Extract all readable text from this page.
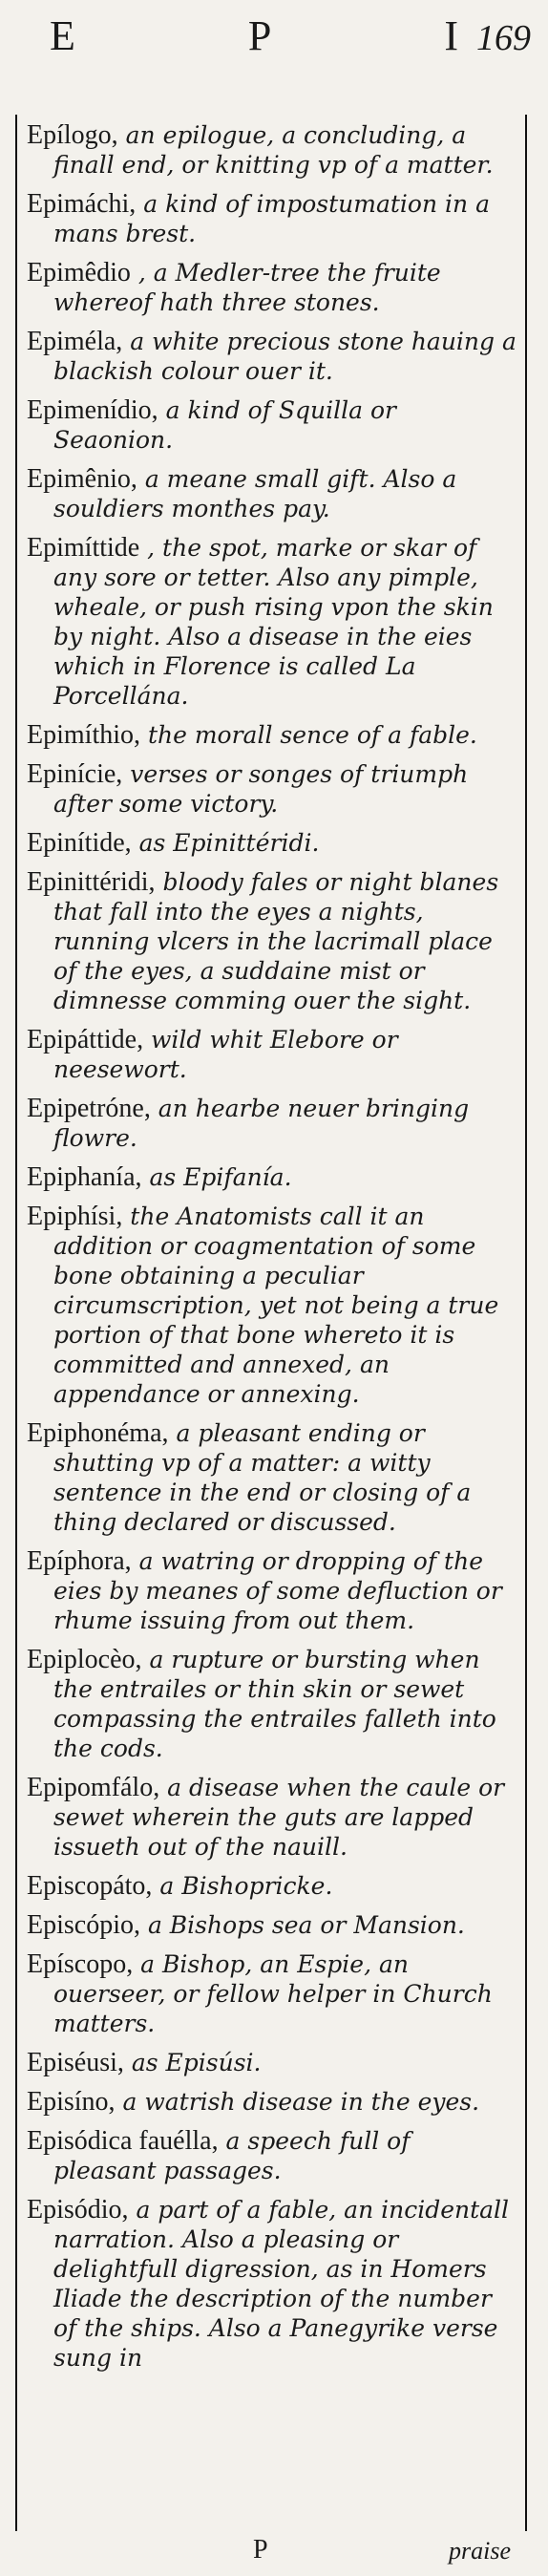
E	P	I 169

Epílogo, an epilogue, a concluding, a finall end, or knitting vp of a matter.

Epimáchi, a kind of impostumation in a mans brest.

Epimêdio , a Medler-tree the fruite whereof hath three stones.

Epiméla, a white precious stone hauing a blackish colour ouer it.

Epimenídio, a kind of Squilla or Seaonion.

Epimênio, a meane small gift. Also a souldiers monthes pay.

Epimíttide , the spot, marke or skar of any sore or tetter. Also any pimple, wheale, or push rising vpon the skin by night. Also a disease in the eies which in Florence is called La Porcellána.

Epimíthio, the morall sence of a fable.

Epinície, verses or songes of triumph after some victory.

Epinítide, as Epinittéridi.

Epinittéridi, bloody fales or night blanes that fall into the eyes a nights, running vlcers in the lacrimall place of the eyes, a suddaine mist or dimnesse comming ouer the sight.

Epipáttide, wild whit Elebore or neesewort.

Epipetróne, an hearbe neuer bringing flowre.

Epiphanía, as Epifanía.

Epiphísi, the Anatomists call it an addition or coagmentation of some bone obtaining a peculiar circumscription, yet not being a true portion of that bone whereto it is committed and annexed, an appendance or annexing.

Epiphonéma, a pleasant ending or shutting vp of a matter: a witty sentence in the end or closing of a thing declared or discussed.

Epíphora, a watring or dropping of the eies by meanes of some defluction or rhume issuing from out them.

Epiplocèo, a rupture or bursting when the entrailes or thin skin or sewet compassing the entrailes falleth into the cods.

Epipomfálo, a disease when the caule or sewet wherein the guts are lapped issueth out of the nauill.

Episcopáto, a Bishopricke.

Episcópio, a Bishops sea or Mansion.

Epíscopo, a Bishop, an Espie, an ouerseer, or fellow helper in Church matters.

Episéusi, as Episúsi.

Episíno, a watrish disease in the eyes.

Episódica fauélla, a speech full of pleasant passages.

Episódio, a part of a fable, an incidentall narration. Also a pleasing or delightfull digression, as in Homers Iliade the description of the number of the ships. Also a Panegyrike verse sung in

P	praise
